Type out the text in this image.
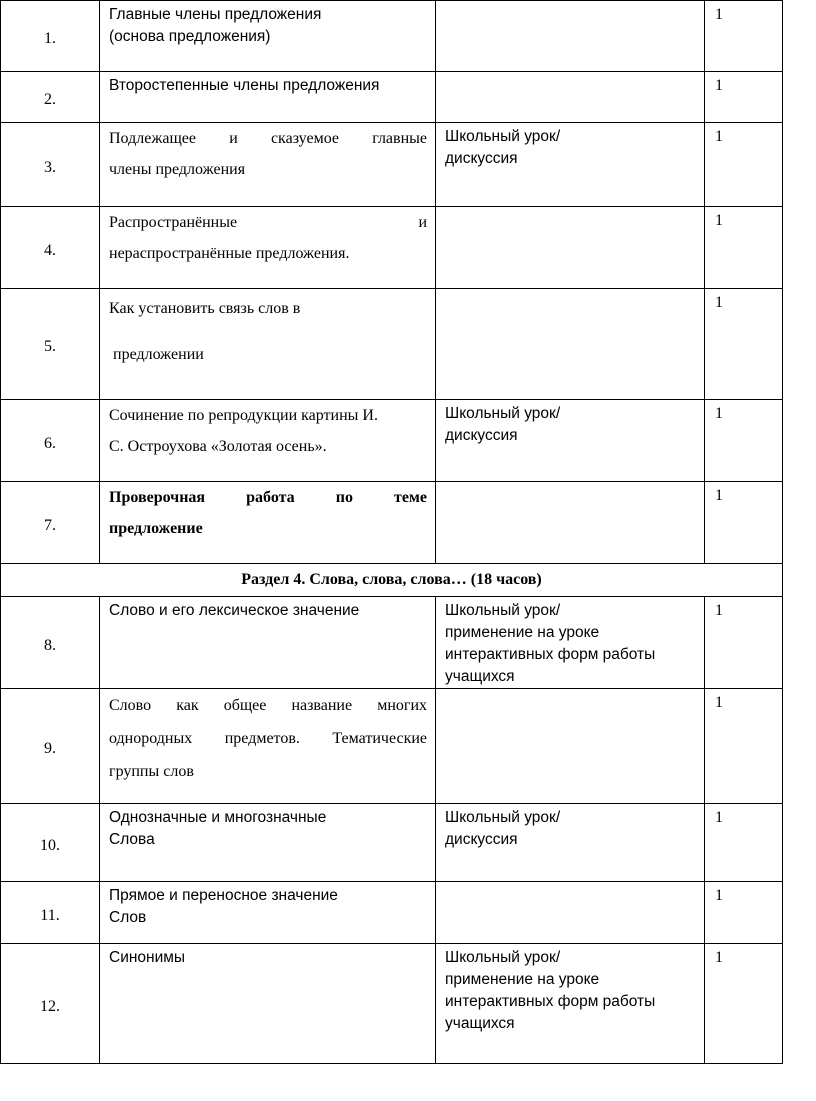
1.	Главные члены предложения
(основа предложения)		1
2.	Второстепенные члены предложения		1
3.	Подлежащее и сказуемое главные
члены предложения	Школьный урок/
дискуссия	1
4.	Распространённые и
нераспространённые предложения.		1
5.	Как установить связь слов в
предложении		1
6.	Сочинение по репродукции картины И.
С. Остроухова «Золотая осень».	Школьный урок/
дискуссия	1
7.	Проверочная работа по теме
предложение		1
Раздел 4. Слова, слова, слова… (18 часов)			
8.	Слово и его лексическое значение	Школьный урок/
применение на уроке
интерактивных форм работы
учащихся	1
9.	Слово как общее название многих
однородных предметов. Тематические
группы слов		1
10.	Однозначные и многозначные
Слова	Школьный урок/
дискуссия	1
11.	Прямое и переносное значение
Слов		1
12.	Синонимы	Школьный урок/
применение на уроке
интерактивных форм работы
учащихся	1
